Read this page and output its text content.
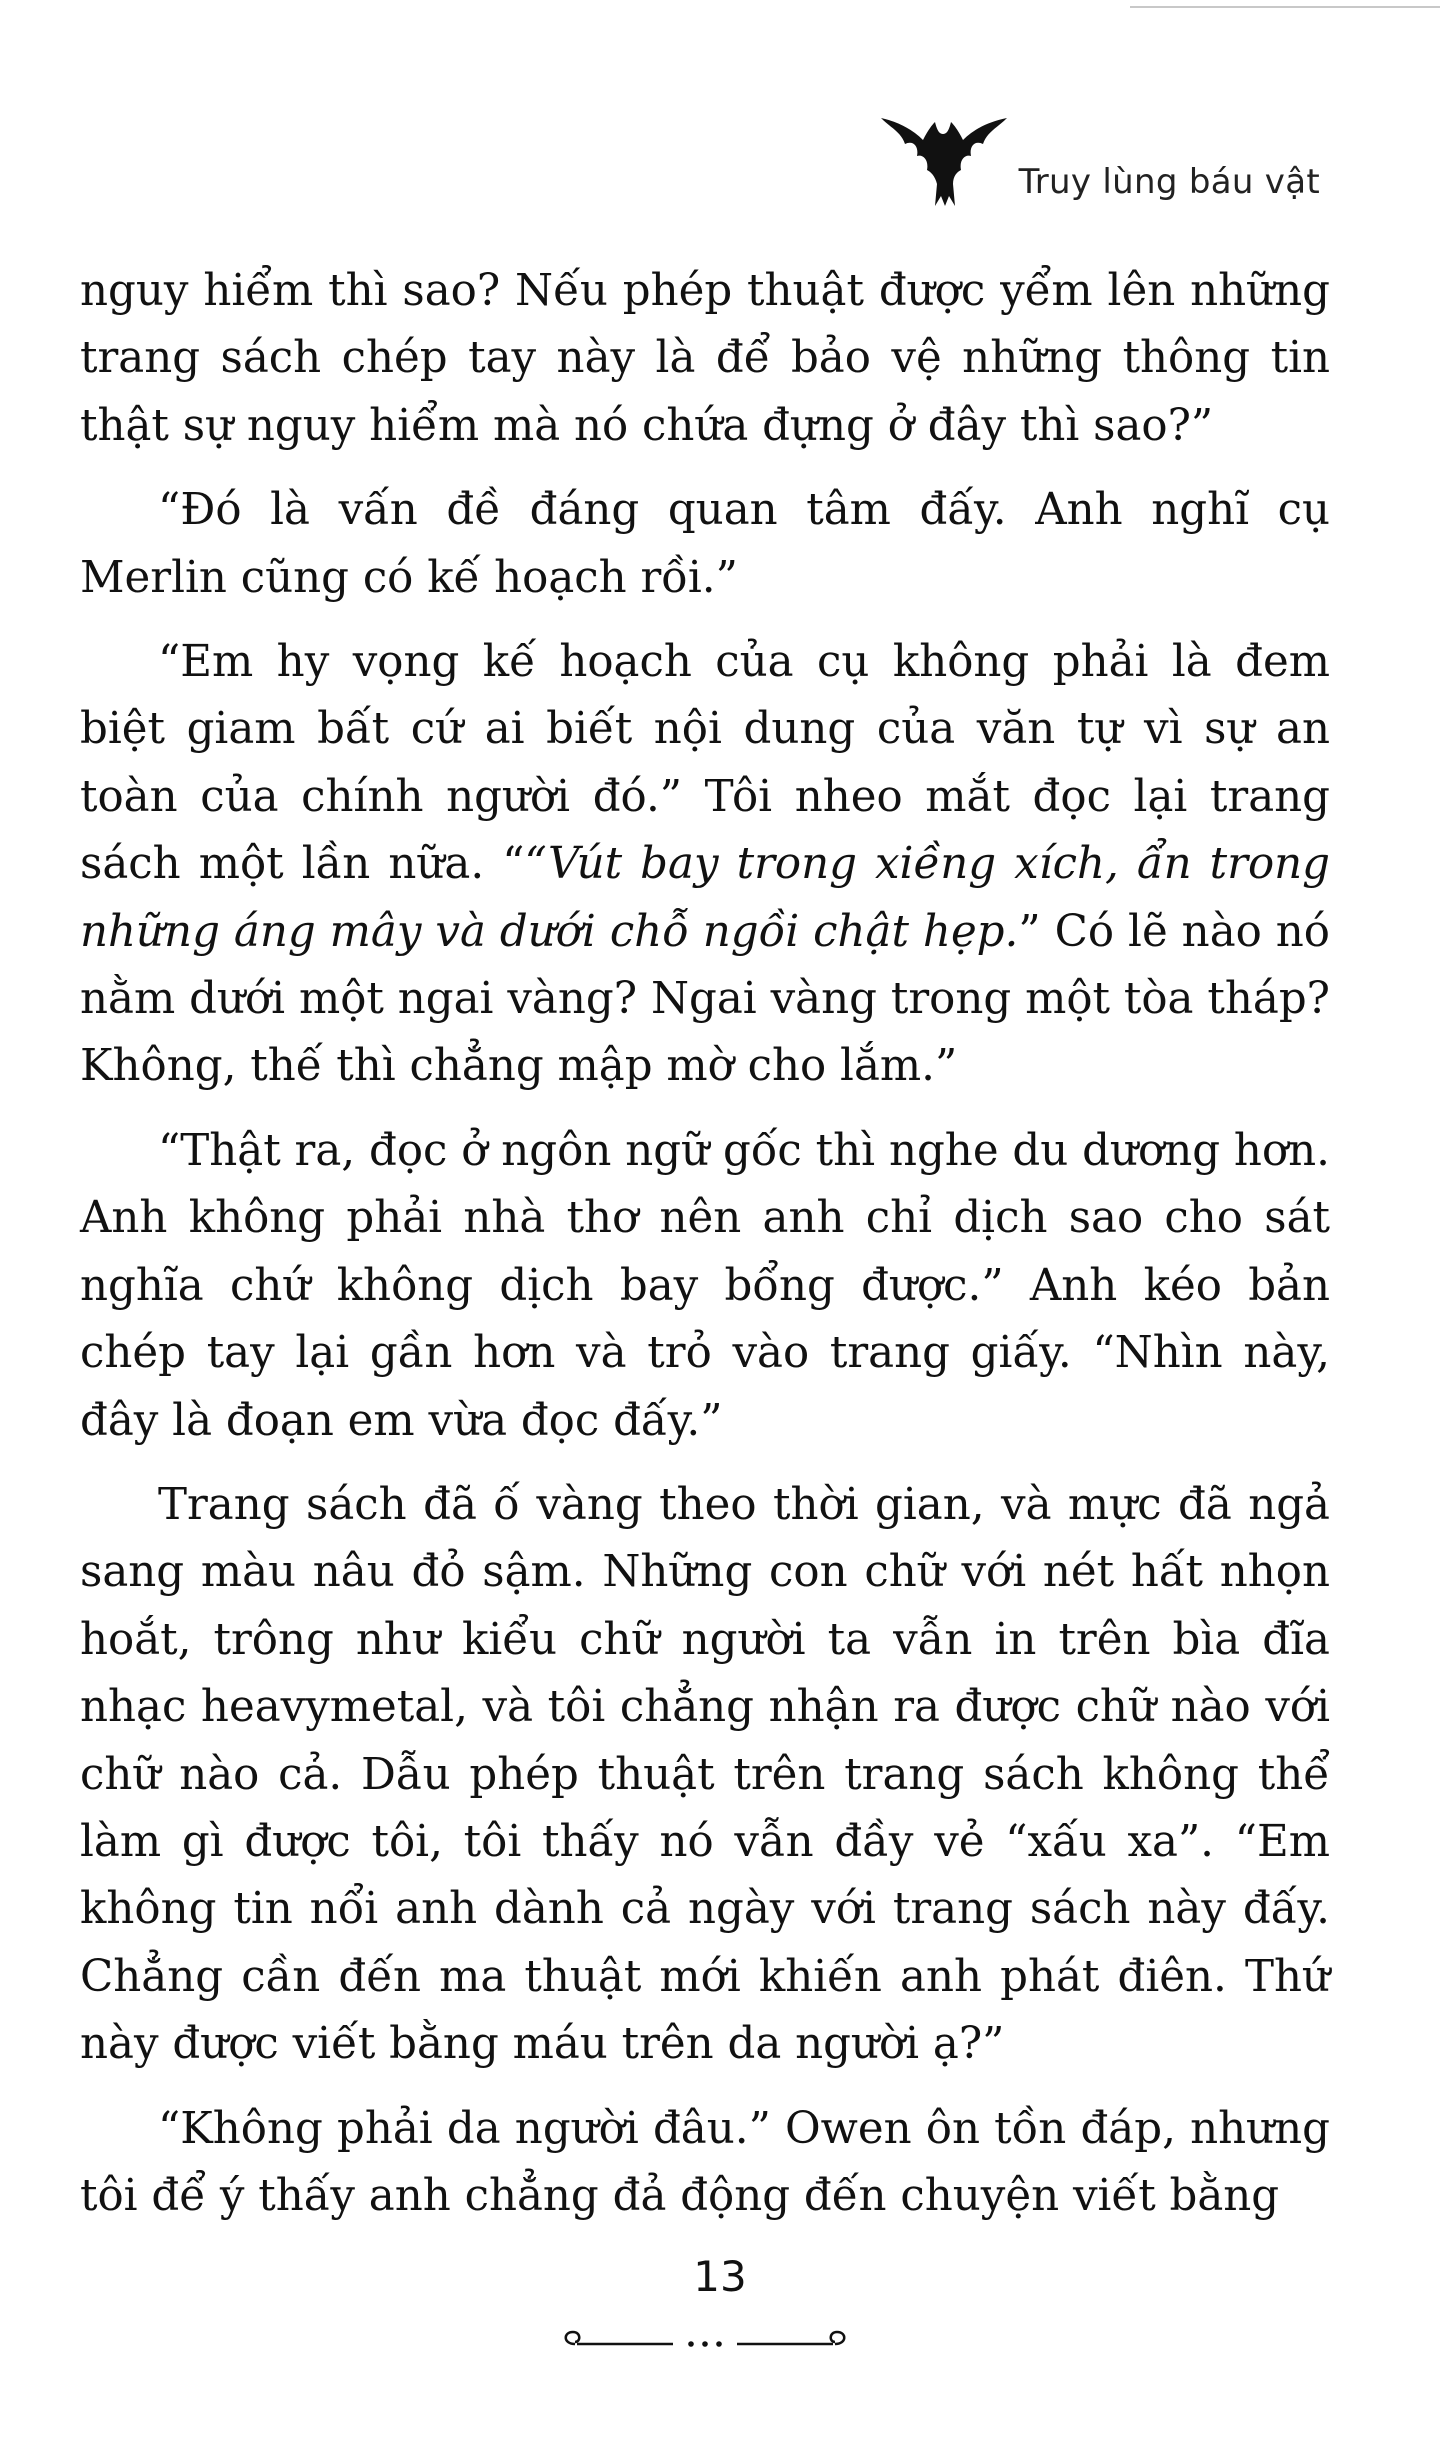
Truy lùng báu vật

nguy hiểm thì sao? Nếu phép thuật được yểm lên những trang sách chép tay này là để bảo vệ những thông tin thật sự nguy hiểm mà nó chứa đựng ở đây thì sao?”

“Đó là vấn đề đáng quan tâm đấy. Anh nghĩ cụ Merlin cũng có kế hoạch rồi.”

“Em hy vọng kế hoạch của cụ không phải là đem biệt giam bất cứ ai biết nội dung của văn tự vì sự an toàn của chính người đó.” Tôi nheo mắt đọc lại trang sách một lần nữa. ““Vút bay trong xiềng xích, ẩn trong những áng mây và dưới chỗ ngồi chật hẹp.” Có lẽ nào nó nằm dưới một ngai vàng? Ngai vàng trong một tòa tháp? Không, thế thì chẳng mập mờ cho lắm.”

“Thật ra, đọc ở ngôn ngữ gốc thì nghe du dương hơn. Anh không phải nhà thơ nên anh chỉ dịch sao cho sát nghĩa chứ không dịch bay bổng được.” Anh kéo bản chép tay lại gần hơn và trỏ vào trang giấy. “Nhìn này, đây là đoạn em vừa đọc đấy.”

Trang sách đã ố vàng theo thời gian, và mực đã ngả sang màu nâu đỏ sậm. Những con chữ với nét hất nhọn hoắt, trông như kiểu chữ người ta vẫn in trên bìa đĩa nhạc heavymetal, và tôi chẳng nhận ra được chữ nào với chữ nào cả. Dẫu phép thuật trên trang sách không thể làm gì được tôi, tôi thấy nó vẫn đầy vẻ “xấu xa”. “Em không tin nổi anh dành cả ngày với trang sách này đấy. Chẳng cần đến ma thuật mới khiến anh phát điên. Thứ này được viết bằng máu trên da người ạ?”

“Không phải da người đâu.” Owen ôn tồn đáp, nhưng tôi để ý thấy anh chẳng đả động đến chuyện viết bằng

13
